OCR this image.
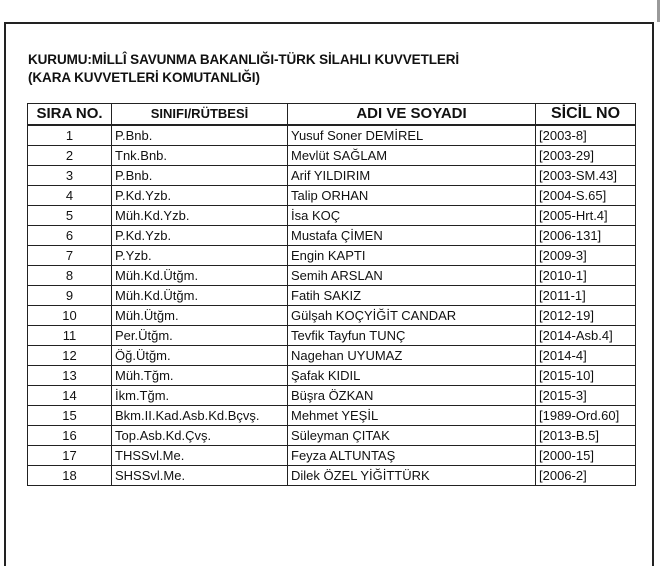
KURUMU:MİLLÎ SAVUNMA BAKANLIĞI-TÜRK SİLAHLI KUVVETLERİ
(KARA KUVVETLERİ KOMUTANLIĞI)
SIRA NO.	SINIFI/RÜTBESİ	ADI VE SOYADI	SİCİL NO
1	P.Bnb.	Yusuf Soner DEMİREL	[2003-8]
2	Tnk.Bnb.	Mevlüt SAĞLAM	[2003-29]
3	P.Bnb.	Arif YILDIRIM	[2003-SM.43]
4	P.Kd.Yzb.	Talip ORHAN	[2004-S.65]
5	Müh.Kd.Yzb.	İsa KOÇ	[2005-Hrt.4]
6	P.Kd.Yzb.	Mustafa ÇİMEN	[2006-131]
7	P.Yzb.	Engin KAPTI	[2009-3]
8	Müh.Kd.Ütğm.	Semih ARSLAN	[2010-1]
9	Müh.Kd.Ütğm.	Fatih SAKIZ	[2011-1]
10	Müh.Ütğm.	Gülşah KOÇYİĞİT CANDAR	[2012-19]
11	Per.Ütğm.	Tevfik Tayfun TUNÇ	[2014-Asb.4]
12	Öğ.Ütğm.	Nagehan UYUMAZ	[2014-4]
13	Müh.Tğm.	Şafak KIDIL	[2015-10]
14	İkm.Tğm.	Büşra ÖZKAN	[2015-3]
15	Bkm.II.Kad.Asb.Kd.Bçvş.	Mehmet YEŞİL	[1989-Ord.60]
16	Top.Asb.Kd.Çvş.	Süleyman ÇITAK	[2013-B.5]
17	THSSvl.Me.	Feyza ALTUNTAŞ	[2000-15]
18	SHSSvl.Me.	Dilek ÖZEL YİĞİTTÜRK	[2006-2]
